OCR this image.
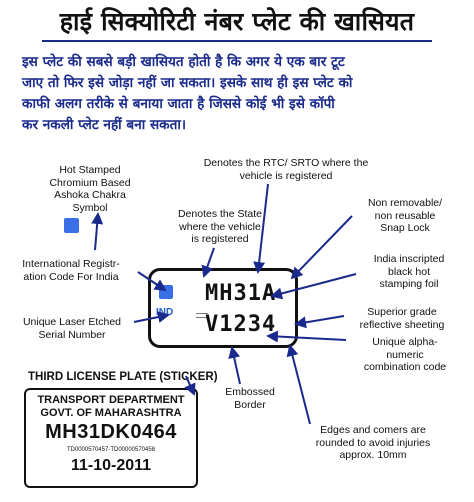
हाई सिक्योरिटी नंबर प्लेट की खासियत
इस प्लेट की सबसे बड़ी खासियत होती है कि अगर ये एक बार टूट
जाए तो फिर इसे जोड़ा नहीं जा सकता। इसके साथ ही इस प्लेट को
काफी अलग तरीके से बनाया जाता है जिससे कोई भी इसे कॉपी
कर नकली प्लेट नहीं बना सकता।
Hot Stamped
Chromium Based
Ashoka Chakra
Symbol
International Registr-
ation Code For India
Unique Laser Etched
Serial Number
Denotes the RTC/ SRTO where the
vehicle is registered
Denotes the State
where the vehicle
is registered
Non removable/
non reusable
Snap Lock
India inscripted
black hot
stamping foil
Superior grade
reflective sheeting
Unique alpha-
numeric
combination code
Embossed
Border
Edges and comers are
rounded to avoid injuries
approx. 10mm
THIRD LICENSE PLATE (STICKER)
IND
MH31A
V1234
TRANSPORT DEPARTMENT
GOVT. OF MAHARASHTRA
MH31DK0464
TD0000570457-TD00000570458
11-10-2011
